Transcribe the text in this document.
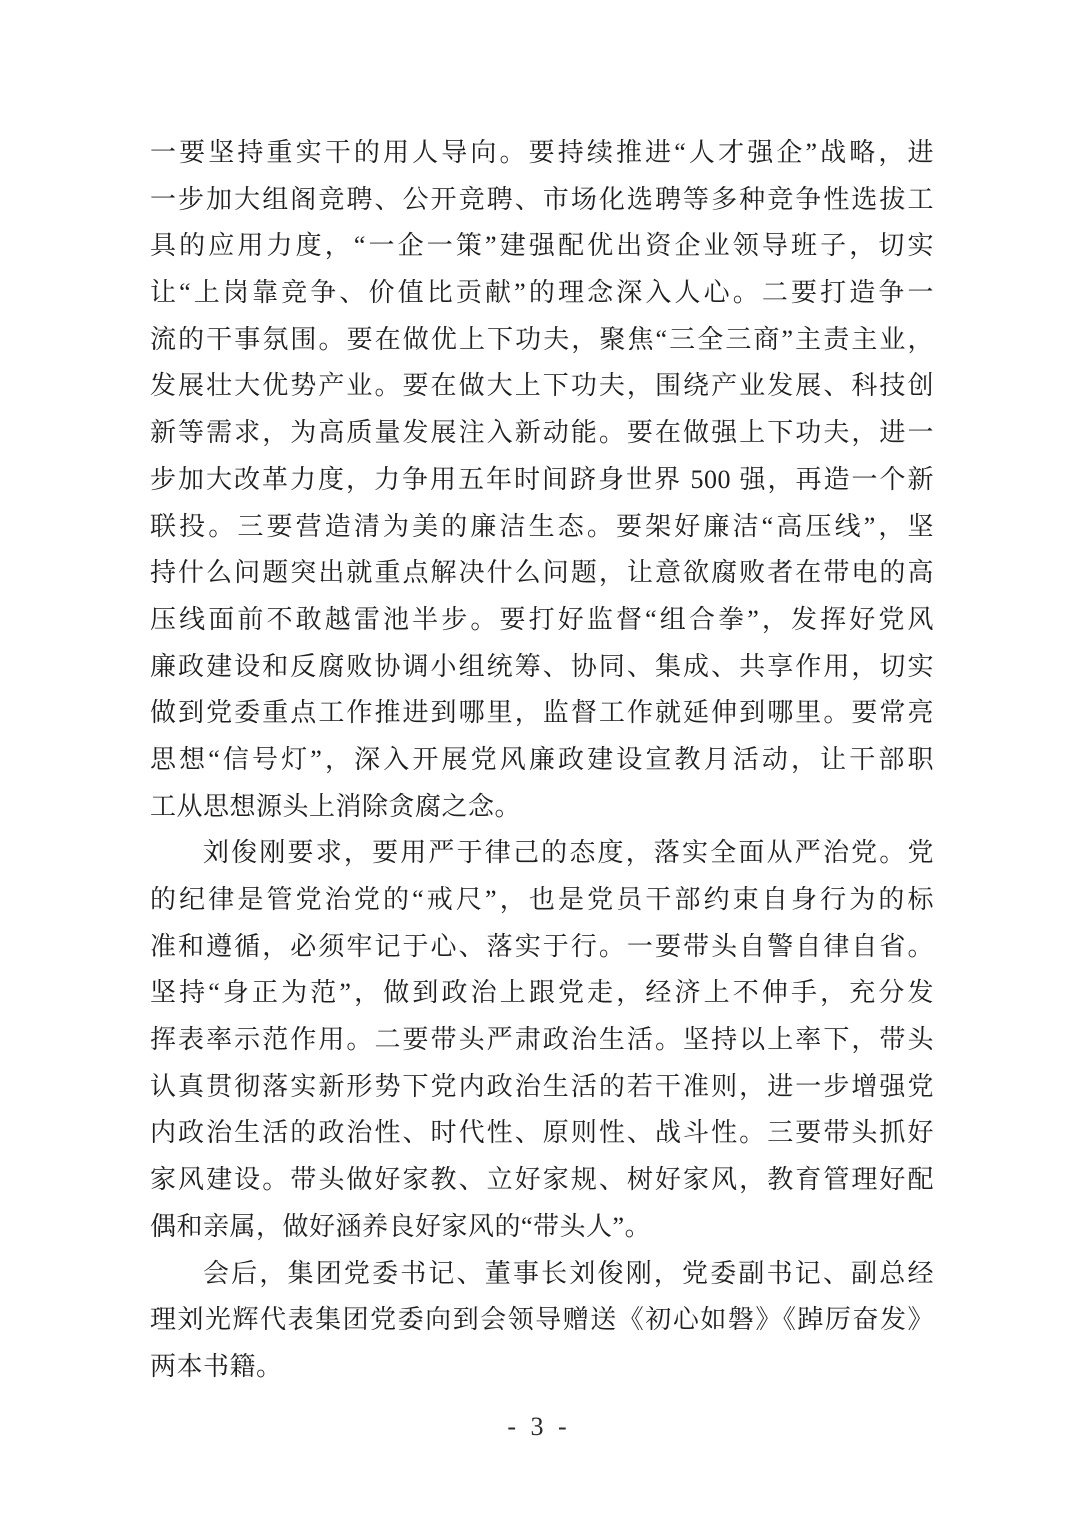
一要坚持重实干的用人导向。要持续推进“人才强企”战略，进
一步加大组阁竞聘、公开竞聘、市场化选聘等多种竞争性选拔工
具的应用力度，“一企一策”建强配优出资企业领导班子，切实
让“上岗靠竞争、价值比贡献”的理念深入人心。二要打造争一
流的干事氛围。要在做优上下功夫，聚焦“三全三商”主责主业，
发展壮大优势产业。要在做大上下功夫，围绕产业发展、科技创
新等需求，为高质量发展注入新动能。要在做强上下功夫，进一
步加大改革力度，力争用五年时间跻身世界 500 强，再造一个新
联投。三要营造清为美的廉洁生态。要架好廉洁“高压线”，坚
持什么问题突出就重点解决什么问题，让意欲腐败者在带电的高
压线面前不敢越雷池半步。要打好监督“组合拳”，发挥好党风
廉政建设和反腐败协调小组统筹、协同、集成、共享作用，切实
做到党委重点工作推进到哪里，监督工作就延伸到哪里。要常亮
思想“信号灯”，深入开展党风廉政建设宣教月活动，让干部职
工从思想源头上消除贪腐之念。
刘俊刚要求，要用严于律己的态度，落实全面从严治党。党
的纪律是管党治党的“戒尺”，也是党员干部约束自身行为的标
准和遵循，必须牢记于心、落实于行。一要带头自警自律自省。
坚持“身正为范”，做到政治上跟党走，经济上不伸手，充分发
挥表率示范作用。二要带头严肃政治生活。坚持以上率下，带头
认真贯彻落实新形势下党内政治生活的若干准则，进一步增强党
内政治生活的政治性、时代性、原则性、战斗性。三要带头抓好
家风建设。带头做好家教、立好家规、树好家风，教育管理好配
偶和亲属，做好涵养良好家风的“带头人”。
会后，集团党委书记、董事长刘俊刚，党委副书记、副总经
理刘光辉代表集团党委向到会领导赠送《初心如磐》《踔厉奋发》
两本书籍。
- 3 -
